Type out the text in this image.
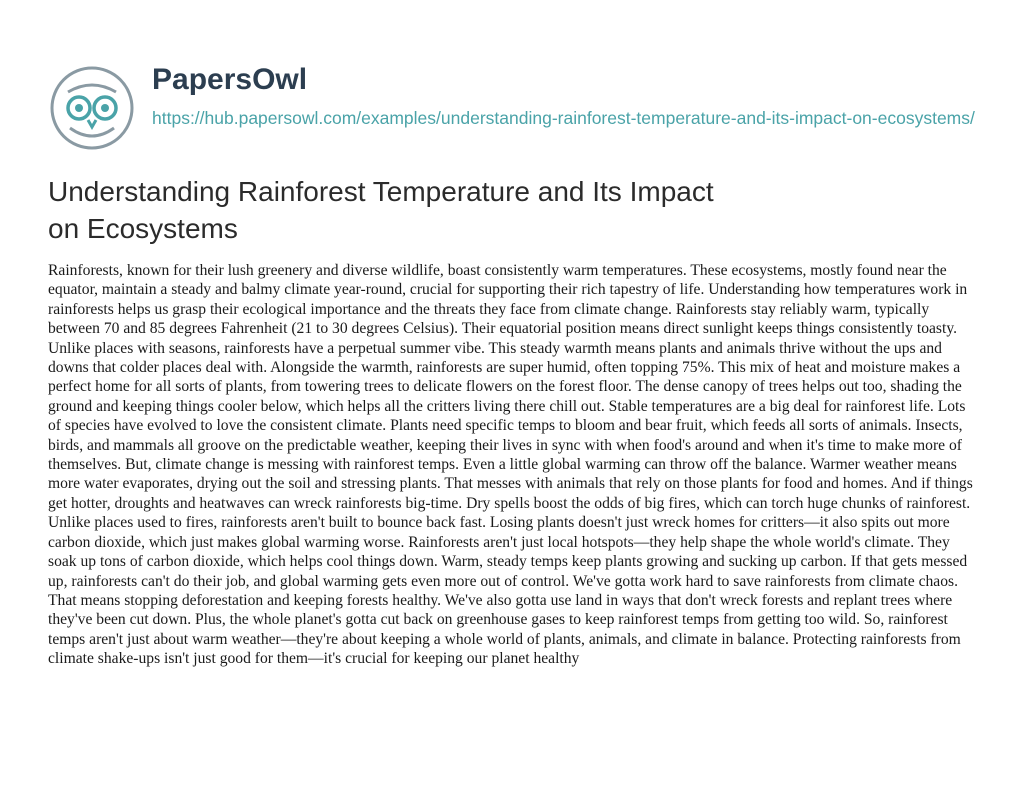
PapersOwl
https://hub.papersowl.com/examples/understanding-rainforest-temperature-and-its-impact-on-ecosystems/
Understanding Rainforest Temperature and Its Impact on Ecosystems

Rainforests, known for their lush greenery and diverse wildlife, boast consistently warm temperatures. These ecosystems, mostly found near the equator, maintain a steady and balmy climate year-round, crucial for supporting their rich tapestry of life. Understanding how temperatures work in rainforests helps us grasp their ecological importance and the threats they face from climate change. Rainforests stay reliably warm, typically between 70 and 85 degrees Fahrenheit (21 to 30 degrees Celsius). Their equatorial position means direct sunlight keeps things consistently toasty. Unlike places with seasons, rainforests have a perpetual summer vibe. This steady warmth means plants and animals thrive without the ups and downs that colder places deal with. Alongside the warmth, rainforests are super humid, often topping 75%. This mix of heat and moisture makes a perfect home for all sorts of plants, from towering trees to delicate flowers on the forest floor. The dense canopy of trees helps out too, shading the ground and keeping things cooler below, which helps all the critters living there chill out. Stable temperatures are a big deal for rainforest life. Lots of species have evolved to love the consistent climate. Plants need specific temps to bloom and bear fruit, which feeds all sorts of animals. Insects, birds, and mammals all groove on the predictable weather, keeping their lives in sync with when food's around and when it's time to make more of themselves. But, climate change is messing with rainforest temps. Even a little global warming can throw off the balance. Warmer weather means more water evaporates, drying out the soil and stressing plants. That messes with animals that rely on those plants for food and homes. And if things get hotter, droughts and heatwaves can wreck rainforests big-time. Dry spells boost the odds of big fires, which can torch huge chunks of rainforest. Unlike places used to fires, rainforests aren't built to bounce back fast. Losing plants doesn't just wreck homes for critters—it also spits out more carbon dioxide, which just makes global warming worse. Rainforests aren't just local hotspots—they help shape the whole world's climate. They soak up tons of carbon dioxide, which helps cool things down. Warm, steady temps keep plants growing and sucking up carbon. If that gets messed up, rainforests can't do their job, and global warming gets even more out of control. We've gotta work hard to save rainforests from climate chaos. That means stopping deforestation and keeping forests healthy. We've also gotta use land in ways that don't wreck forests and replant trees where they've been cut down. Plus, the whole planet's gotta cut back on greenhouse gases to keep rainforest temps from getting too wild. So, rainforest temps aren't just about warm weather—they're about keeping a whole world of plants, animals, and climate in balance. Protecting rainforests from climate shake-ups isn't just good for them—it's crucial for keeping our planet healthy
